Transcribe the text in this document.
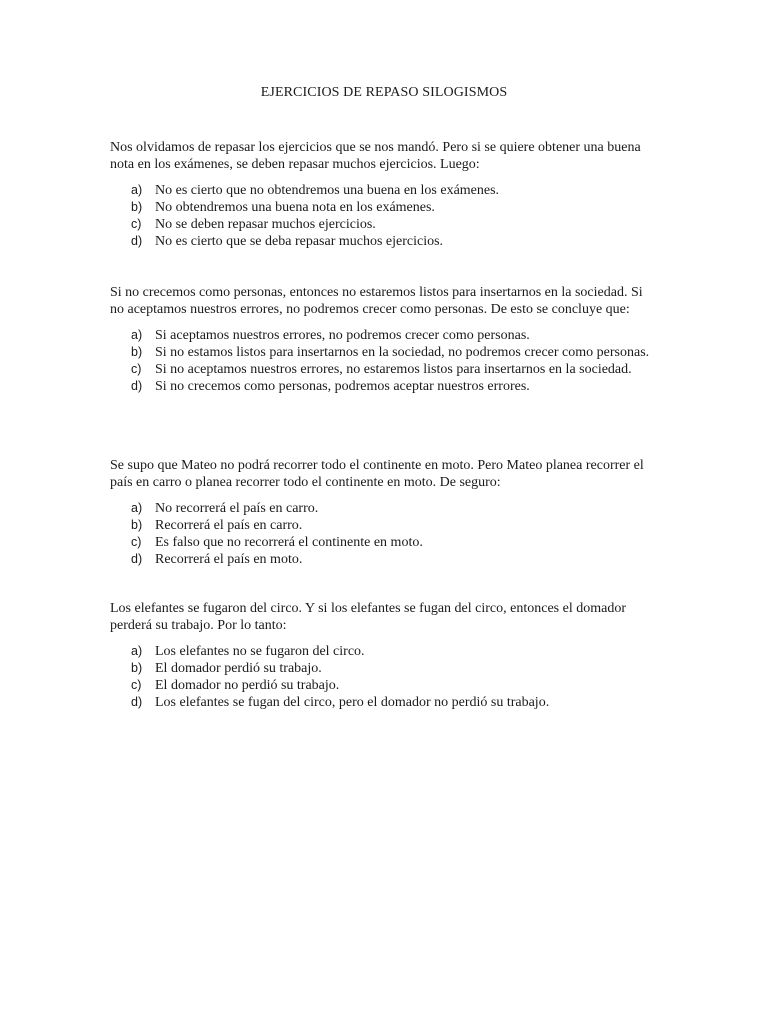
EJERCICIOS DE REPASO SILOGISMOS

Nos olvidamos de repasar los ejercicios que se nos mandó. Pero si se quiere obtener una buena nota en los exámenes, se deben repasar muchos ejercicios. Luego:

a) No es cierto que no obtendremos una buena en los exámenes.
b) No obtendremos una buena nota en los exámenes.
c) No se deben repasar muchos ejercicios.
d) No es cierto que se deba repasar muchos ejercicios.

Si no crecemos como personas, entonces no estaremos listos para insertarnos en la sociedad. Si no aceptamos nuestros errores, no podremos crecer como personas. De esto se concluye que:

a) Si aceptamos nuestros errores, no podremos crecer como personas.
b) Si no estamos listos para insertarnos en la sociedad, no podremos crecer como personas.
c) Si no aceptamos nuestros errores, no estaremos listos para insertarnos en la sociedad.
d) Si no crecemos como personas, podremos aceptar nuestros errores.

Se supo que Mateo no podrá recorrer todo el continente en moto. Pero Mateo planea recorrer el país en carro o planea recorrer todo el continente en moto. De seguro:

a) No recorrerá el país en carro.
b) Recorrerá el país en carro.
c) Es falso que no recorrerá el continente en moto.
d) Recorrerá el país en moto.

Los elefantes se fugaron del circo. Y si los elefantes se fugan del circo, entonces el domador perderá su trabajo. Por lo tanto:

a) Los elefantes no se fugaron del circo.
b) El domador perdió su trabajo.
c) El domador no perdió su trabajo.
d) Los elefantes se fugan del circo, pero el domador no perdió su trabajo.
